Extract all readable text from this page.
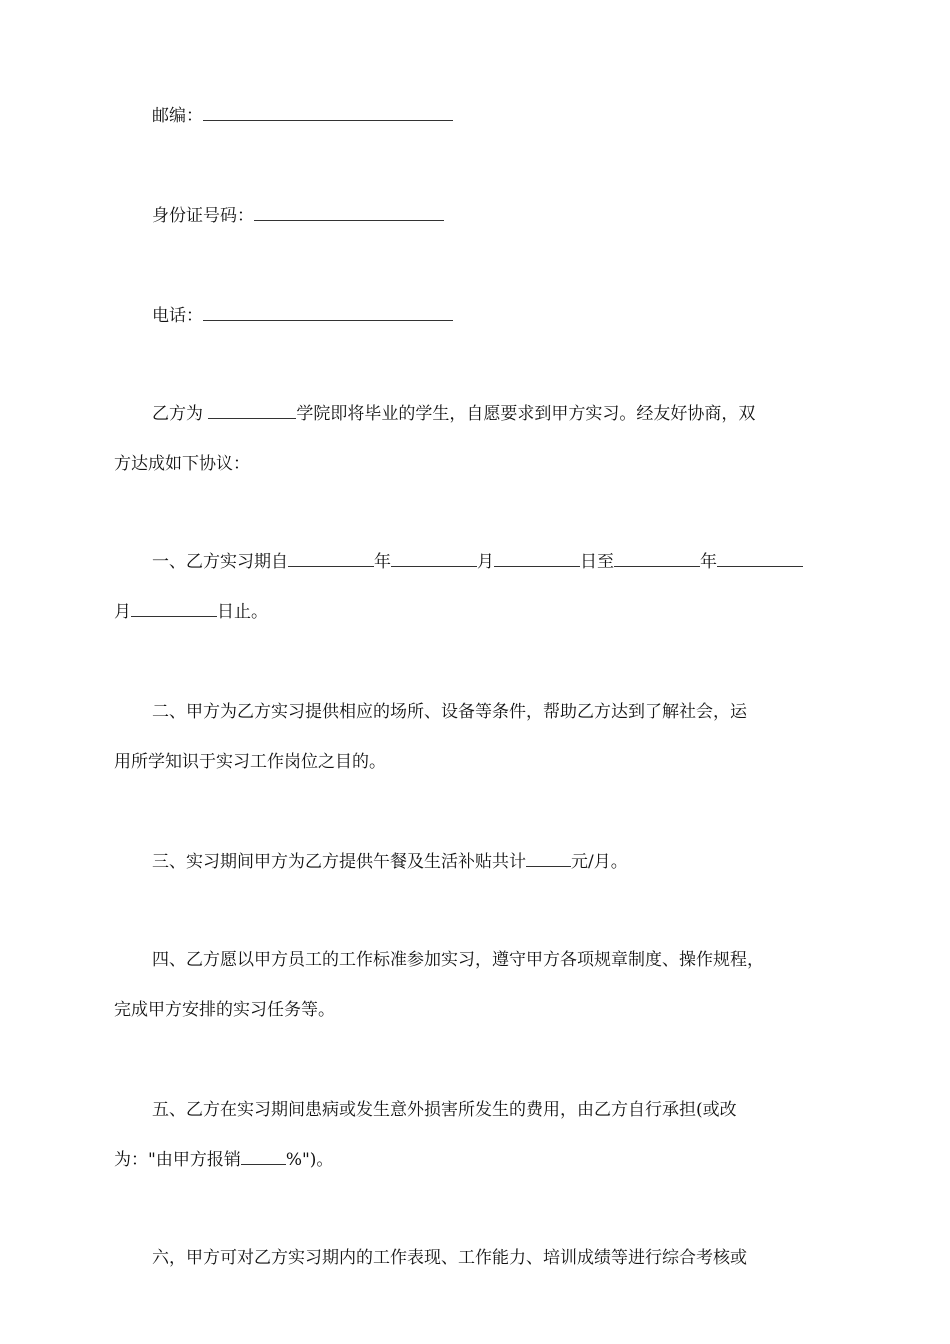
邮编：
身份证号码：
电话：
乙方为	学院即将毕业的学生，自愿要求到甲方实习。经友好协商，双
方达成如下协议：
一、乙方实习期自	年	月	日至	年
月	日止。
二、甲方为乙方实习提供相应的场所、设备等条件，帮助乙方达到了解社会，运
用所学知识于实习工作岗位之目的。
三、实习期间甲方为乙方提供午餐及生活补贴共计	元/月。
四、乙方愿以甲方员工的工作标准参加实习，遵守甲方各项规章制度、操作规程，
完成甲方安排的实习任务等。
五、乙方在实习期间患病或发生意外损害所发生的费用，由乙方自行承担(或改
为："由甲方报销	%")。
六，甲方可对乙方实习期内的工作表现、工作能力、培训成绩等进行综合考核或
